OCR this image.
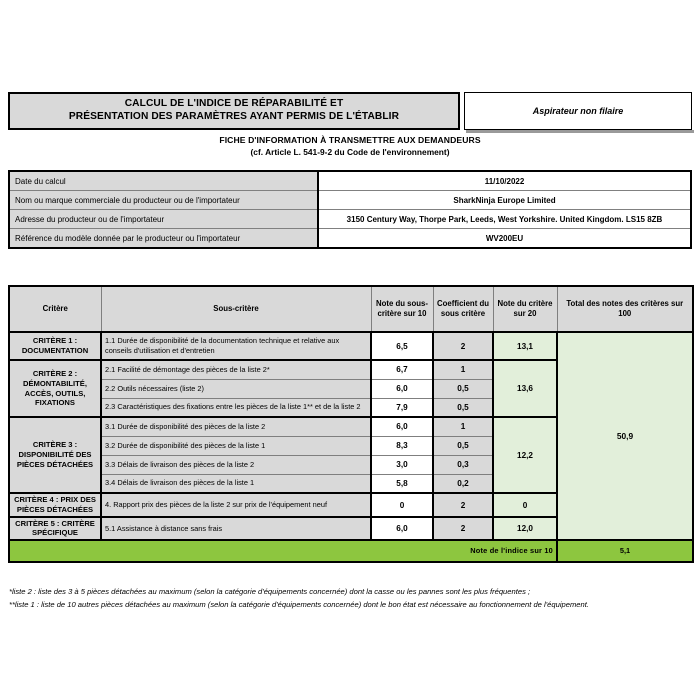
CALCUL DE L'INDICE DE RÉPARABILITÉ ET
PRÉSENTATION DES PARAMÈTRES AYANT PERMIS DE L'ÉTABLIR	Aspirateur non filaire
FICHE D'INFORMATION À TRANSMETTRE AUX DEMANDEURS
(cf. Article L. 541-9-2 du Code de l'environnement)
Date du calcul	11/10/2022
Nom ou marque commerciale du producteur ou de l'importateur	SharkNinja Europe Limited
Adresse du producteur ou de l'importateur	3150 Century Way, Thorpe Park, Leeds, West Yorkshire. United Kingdom. LS15 8ZB
Référence du modèle donnée par le producteur ou l'importateur	WV200EU
Critère	Sous-critère	Note du sous-critère sur 10	Coefficient du sous critère	Note du critère sur 20	Total des notes des critères sur 100
CRITÈRE 1 : DOCUMENTATION	1.1 Durée de disponibilité de la documentation technique et relative aux conseils d'utilisation et d'entretien	6,5	2	13,1	50,9
CRITÈRE 2 : DÉMONTABILITÉ, ACCÈS, OUTILS, FIXATIONS	2.1 Facilité de démontage des pièces de la liste 2*	6,7	1	13,6	
	2.2 Outils nécessaires (liste 2)	6,0	0,5		
	2.3 Caractéristiques des fixations entre les pièces de la liste 1** et de la liste 2	7,9	0,5		
CRITÈRE 3 : DISPONIBILITÉ DES PIÈCES DÉTACHÉES	3.1 Durée de disponibilité des pièces de la liste 2	6,0	1	12,2	
	3.2 Durée de disponibilité des pièces de la liste 1	8,3	0,5		
	3.3 Délais de livraison des pièces de la liste 2	3,0	0,3		
	3.4 Délais de livraison des pièces de la liste 1	5,8	0,2		
CRITÈRE 4 : PRIX DES PIÈCES DÉTACHÉES	4. Rapport prix des pièces de la liste 2 sur prix de l'équipement neuf	0	2	0	
CRITÈRE 5 : CRITÈRE SPÉCIFIQUE	5.1 Assistance à distance sans frais	6,0	2	12,0	
Note de l'indice sur 10					5,1
*liste 2 : liste des 3 à 5 pièces détachées au maximum (selon la catégorie d'équipements concernée) dont la casse ou les pannes sont les plus fréquentes ;
**liste 1 : liste de 10 autres pièces détachées au maximum (selon la catégorie d'équipements concernée) dont le bon état est nécessaire au fonctionnement de l'équipement.
